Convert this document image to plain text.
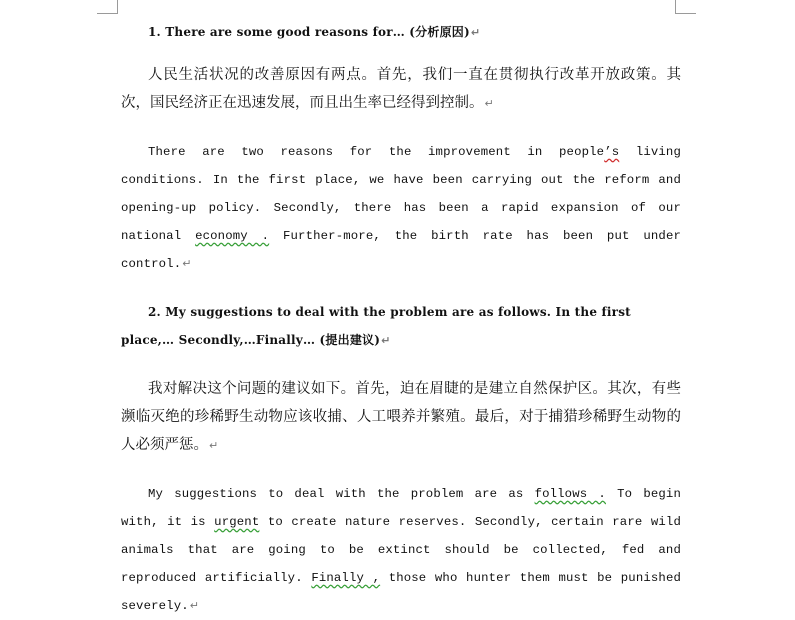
1. There are some good reasons for… (分析原因)↵

人民生活状况的改善原因有两点。首先，我们一直在贯彻执行改革开放政策。其次，国民经济正在迅速发展，而且出生率已经得到控制。↵

There are two reasons for the improvement in people’s living conditions. In the first place, we have been carrying out the reform and opening-up policy. Secondly, there has been a rapid expansion of our national economy . Further-more, the birth rate has been put under control.↵

2. My suggestions to deal with the problem are as follows. In the first place,… Secondly,…Finally… (提出建议)↵

我对解决这个问题的建议如下。首先，迫在眉睫的是建立自然保护区。其次，有些濒临灭绝的珍稀野生动物应该收捕、人工喂养并繁殖。最后，对于捕猎珍稀野生动物的人必须严惩。↵

My suggestions to deal with the problem are as follows . To begin with, it is urgent to create nature reserves. Secondly, certain rare wild animals that are going to be extinct should be collected, fed and reproduced artificially. Finally , those who hunter them must be punished severely.↵
